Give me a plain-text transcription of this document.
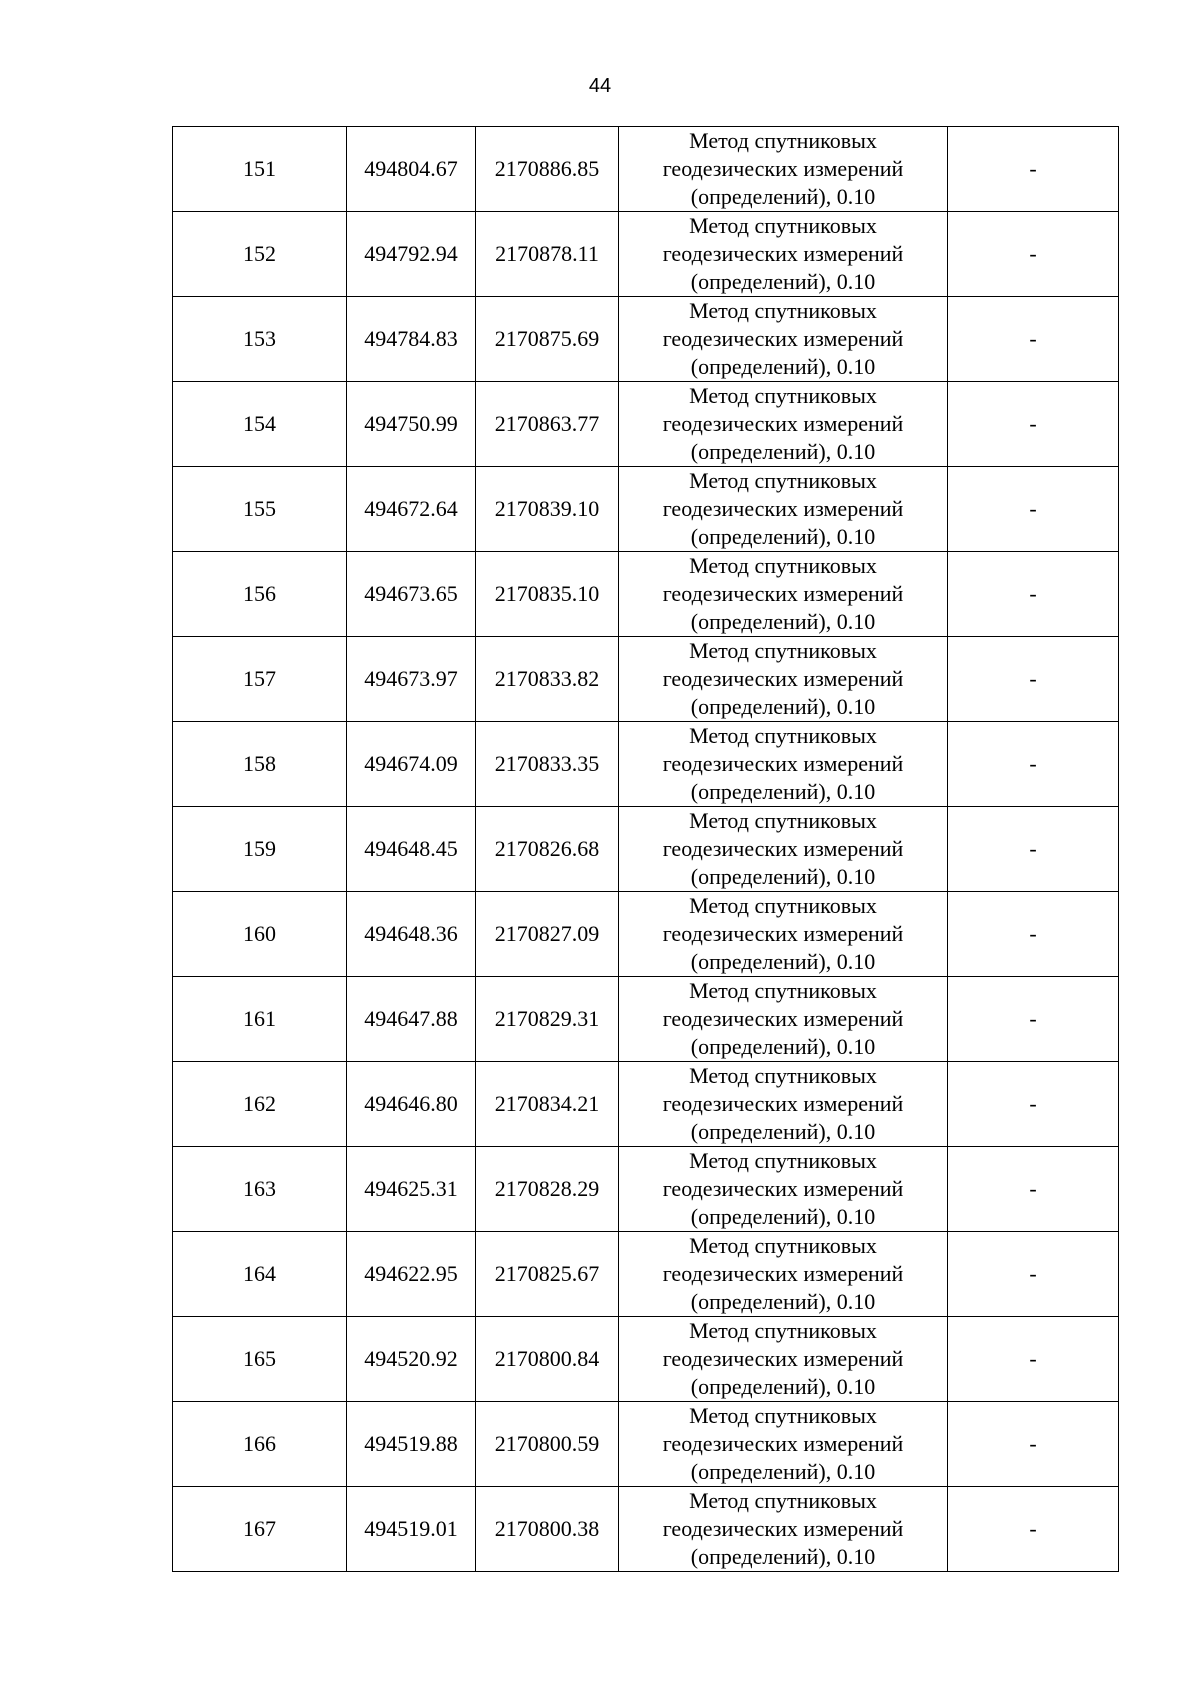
44
151	494804.67	2170886.85	Метод спутниковых
геодезических измерений
(определений), 0.10	-
152	494792.94	2170878.11	Метод спутниковых
геодезических измерений
(определений), 0.10	-
153	494784.83	2170875.69	Метод спутниковых
геодезических измерений
(определений), 0.10	-
154	494750.99	2170863.77	Метод спутниковых
геодезических измерений
(определений), 0.10	-
155	494672.64	2170839.10	Метод спутниковых
геодезических измерений
(определений), 0.10	-
156	494673.65	2170835.10	Метод спутниковых
геодезических измерений
(определений), 0.10	-
157	494673.97	2170833.82	Метод спутниковых
геодезических измерений
(определений), 0.10	-
158	494674.09	2170833.35	Метод спутниковых
геодезических измерений
(определений), 0.10	-
159	494648.45	2170826.68	Метод спутниковых
геодезических измерений
(определений), 0.10	-
160	494648.36	2170827.09	Метод спутниковых
геодезических измерений
(определений), 0.10	-
161	494647.88	2170829.31	Метод спутниковых
геодезических измерений
(определений), 0.10	-
162	494646.80	2170834.21	Метод спутниковых
геодезических измерений
(определений), 0.10	-
163	494625.31	2170828.29	Метод спутниковых
геодезических измерений
(определений), 0.10	-
164	494622.95	2170825.67	Метод спутниковых
геодезических измерений
(определений), 0.10	-
165	494520.92	2170800.84	Метод спутниковых
геодезических измерений
(определений), 0.10	-
166	494519.88	2170800.59	Метод спутниковых
геодезических измерений
(определений), 0.10	-
167	494519.01	2170800.38	Метод спутниковых
геодезических измерений
(определений), 0.10	-
